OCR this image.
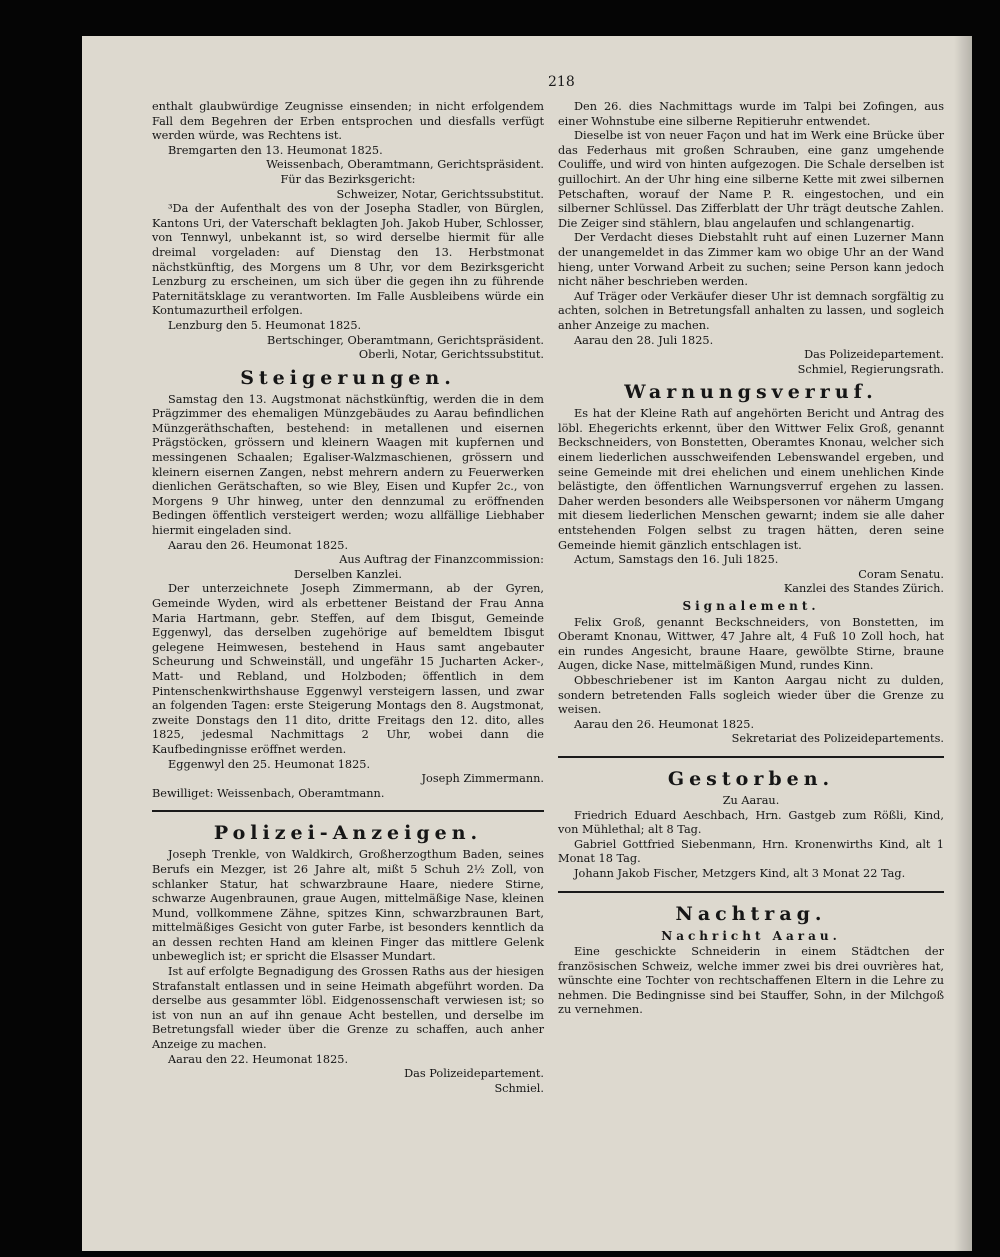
218

enthalt glaubwürdige Zeugnisse einsenden; in nicht erfolgendem Fall dem Begehren der Erben entsprochen und diesfalls verfügt werden würde, was Rechtens ist.

Bremgarten den 13. Heumonat 1825.

Weissenbach, Oberamtmann, Gerichtspräsident.

Für das Bezirksgericht:

Schweizer, Notar, Gerichtssubstitut.

³Da der Aufenthalt des von der Josepha Stadler, von Bürglen, Kantons Uri, der Vaterschaft beklagten Joh. Jakob Huber, Schlosser, von Tennwyl, unbekannt ist, so wird derselbe hiermit für alle dreimal vorgeladen: auf Dienstag den 13. Herbstmonat nächstkünftig, des Morgens um 8 Uhr, vor dem Bezirksgericht Lenzburg zu erscheinen, um sich über die gegen ihn zu führende Paternitätsklage zu verantworten. Im Falle Ausbleibens würde ein Kontumazurtheil erfolgen.

Lenzburg den 5. Heumonat 1825.

Bertschinger, Oberamtmann, Gerichtspräsident.

Oberli, Notar, Gerichtssubstitut.

Steigerungen.

Samstag den 13. Augstmonat nächstkünftig, werden die in dem Prägzimmer des ehemaligen Münzgebäudes zu Aarau befindlichen Münzgeräthschaften, bestehend: in metallenen und eisernen Prägstöcken, grössern und kleinern Waagen mit kupfernen und messingenen Schaalen; Egaliser-Walzmaschienen, grössern und kleinern eisernen Zangen, nebst mehrern andern zu Feuerwerken dienlichen Gerätschaften, so wie Bley, Eisen und Kupfer 2c., von Morgens 9 Uhr hinweg, unter den dennzumal zu eröffnenden Bedingen öffentlich versteigert werden; wozu allfällige Liebhaber hiermit eingeladen sind.

Aarau den 26. Heumonat 1825.

Aus Auftrag der Finanzcommission:

Derselben Kanzlei.

Der unterzeichnete Joseph Zimmermann, ab der Gyren, Gemeinde Wyden, wird als erbettener Beistand der Frau Anna Maria Hartmann, gebr. Steffen, auf dem Ibisgut, Gemeinde Eggenwyl, das derselben zugehörige auf bemeldtem Ibisgut gelegene Heimwesen, bestehend in Haus samt angebauter Scheurung und Schweinställ, und ungefähr 15 Jucharten Acker-, Matt- und Rebland, und Holzboden; öffentlich in dem Pintenschenkwirthshause Eggenwyl versteigern lassen, und zwar an folgenden Tagen: erste Steigerung Montags den 8. Augstmonat, zweite Donstags den 11 dito, dritte Freitags den 12. dito, alles 1825, jedesmal Nachmittags 2 Uhr, wobei dann die Kaufbedingnisse eröffnet werden.

Eggenwyl den 25. Heumonat 1825.

Joseph Zimmermann.

Bewilliget: Weissenbach, Oberamtmann.

Polizei-Anzeigen.

Joseph Trenkle, von Waldkirch, Großherzogthum Baden, seines Berufs ein Mezger, ist 26 Jahre alt, mißt 5 Schuh 2½ Zoll, von schlanker Statur, hat schwarzbraune Haare, niedere Stirne, schwarze Augenbraunen, graue Augen, mittelmäßige Nase, kleinen Mund, vollkommene Zähne, spitzes Kinn, schwarzbraunen Bart, mittelmäßiges Gesicht von guter Farbe, ist besonders kenntlich da an dessen rechten Hand am kleinen Finger das mittlere Gelenk unbeweglich ist; er spricht die Elsasser Mundart.

Ist auf erfolgte Begnadigung des Grossen Raths aus der hiesigen Strafanstalt entlassen und in seine Heimath abgeführt worden. Da derselbe aus gesammter löbl. Eidgenossenschaft verwiesen ist; so ist von nun an auf ihn genaue Acht bestellen, und derselbe im Betretungsfall wieder über die Grenze zu schaffen, auch anher Anzeige zu machen.

Aarau den 22. Heumonat 1825.

Das Polizeidepartement.

Schmiel.

Den 26. dies Nachmittags wurde im Talpi bei Zofingen, aus einer Wohnstube eine silberne Repitieruhr entwendet.

Dieselbe ist von neuer Façon und hat im Werk eine Brücke über das Federhaus mit großen Schrauben, eine ganz umgehende Couliffe, und wird von hinten aufgezogen. Die Schale derselben ist guillochirt. An der Uhr hing eine silberne Kette mit zwei silbernen Petschaften, worauf der Name P. R. eingestochen, und ein silberner Schlüssel. Das Zifferblatt der Uhr trägt deutsche Zahlen. Die Zeiger sind stählern, blau angelaufen und schlangenartig.

Der Verdacht dieses Diebstahlt ruht auf einen Luzerner Mann der unangemeldet in das Zimmer kam wo obige Uhr an der Wand hieng, unter Vorwand Arbeit zu suchen; seine Person kann jedoch nicht näher beschrieben werden.

Auf Träger oder Verkäufer dieser Uhr ist demnach sorgfältig zu achten, solchen in Betretungsfall anhalten zu lassen, und sogleich anher Anzeige zu machen.

Aarau den 28. Juli 1825.

Das Polizeidepartement.

Schmiel, Regierungsrath.

Warnungsverruf.

Es hat der Kleine Rath auf angehörten Bericht und Antrag des löbl. Ehegerichts erkennt, über den Wittwer Felix Groß, genannt Beckschneiders, von Bonstetten, Oberamtes Knonau, welcher sich einem liederlichen ausschweifenden Lebenswandel ergeben, und seine Gemeinde mit drei ehelichen und einem unehlichen Kinde belästigte, den öffentlichen Warnungsverruf ergehen zu lassen. Daher werden besonders alle Weibspersonen vor näherm Umgang mit diesem liederlichen Menschen gewarnt; indem sie alle daher entstehenden Folgen selbst zu tragen hätten, deren seine Gemeinde hiemit gänzlich entschlagen ist.

Actum, Samstags den 16. Juli 1825.

Coram Senatu.

Kanzlei des Standes Zürich.

Signalement.

Felix Groß, genannt Beckschneiders, von Bonstetten, im Oberamt Knonau, Wittwer, 47 Jahre alt, 4 Fuß 10 Zoll hoch, hat ein rundes Angesicht, braune Haare, gewölbte Stirne, braune Augen, dicke Nase, mittelmäßigen Mund, rundes Kinn.

Obbeschriebener ist im Kanton Aargau nicht zu dulden, sondern betretenden Falls sogleich wieder über die Grenze zu weisen.

Aarau den 26. Heumonat 1825.

Sekretariat des Polizeidepartements.

Gestorben.

Zu Aarau.

Friedrich Eduard Aeschbach, Hrn. Gastgeb zum Rößli, Kind, von Mühlethal; alt 8 Tag.

Gabriel Gottfried Siebenmann, Hrn. Kronenwirths Kind, alt 1 Monat 18 Tag.

Johann Jakob Fischer, Metzgers Kind, alt 3 Monat 22 Tag.

Nachtrag.
Nachricht Aarau.

Eine geschickte Schneiderin in einem Städtchen der französischen Schweiz, welche immer zwei bis drei ouvrières hat, wünschte eine Tochter von rechtschaffenen Eltern in die Lehre zu nehmen. Die Bedingnisse sind bei Stauffer, Sohn, in der Milchgoß zu vernehmen.
